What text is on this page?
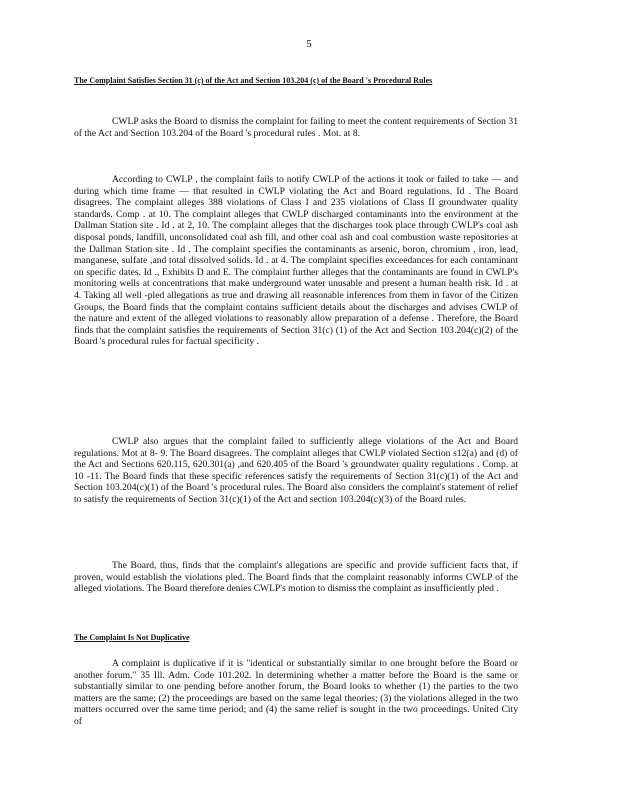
5
The Complaint Satisfies Section 31 (c) of the Act and Section 103.204 (c) of the Board 's Procedural Rules

CWLP asks the Board to dismiss the complaint for failing to meet the content requirements of Section 31 of the Act and Section 103.204 of the Board 's procedural rules . Mot. at 8.

According to CWLP , the complaint fails to notify CWLP of the actions it took or failed to take — and during which time frame — that resulted in CWLP violating the Act and Board regulations. Id . The Board disagrees. The complaint alleges 388 violations of Class I and 235 violations of Class II groundwater quality standards. Comp . at 10. The complaint alleges that CWLP discharged contaminants into the environment at the Dallman Station site . Id . at 2, 10. The complaint alleges that the discharges took place through CWLP's coal ash disposal ponds, landfill, unconsolidated coal ash fill, and other coal ash and coal combustion waste repositories at the Dallman Station site . Id . The complaint specifies the contaminants as arsenic, boron, chromium , iron, lead, manganese, sulfate ,and total dissolved solids. Id . at 4. The complaint specifies exceedances for each contaminant on specific dates. Id ., Exhibits D and E. The complaint further alleges that the contaminants are found in CWLP's monitoring wells at concentrations that make underground water unusable and present a human health risk. Id . at 4. Taking all well -pled allegations as true and drawing all reasonable inferences from them in favor of the Citizen Groups, the Board finds that the complaint contains sufficient details about the discharges and advises CWLP of the nature and extent of the alleged violations to reasonably allow preparation of a defense . Therefore, the Board finds that the complaint satisfies the requirements of Section 31(c) (1) of the Act and Section 103.204(c)(2) of the Board 's procedural rules for factual specificity .

CWLP also argues that the complaint failed to sufficiently allege violations of the Act and Board regulations. Mot at 8- 9. The Board disagrees. The complaint alleges that CWLP violated Section s12(a) and (d) of the Act and Sections 620.115, 620.301(a) ,and 620.405 of the Board 's groundwater quality regulations . Comp. at 10 -11. The Board finds that these specific references satisfy the requirements of Section 31(c)(1) of the Act and Section 103.204(c)(1) of the Board 's procedural rules. The Board also considers the complaint's statement of relief to satisfy the requirements of Section 31(c)(1) of the Act and section 103.204(c)(3) of the Board rules.

The Board, thus, finds that the complaint's allegations are specific and provide sufficient facts that, if proven, would establish the violations pled. The Board finds that the complaint reasonably informs CWLP of the alleged violations. The Board therefore denies CWLP's motion to dismiss the complaint as insufficiently pled .

The Complaint Is Not Duplicative

A complaint is duplicative if it is "identical or substantially similar to one brought before the Board or another forum." 35 Ill. Adm. Code 101.202. In determining whether a matter before the Board is the same or substantially similar to one pending before another forum, the Board looks to whether (1) the parties to the two matters are the same; (2) the proceedings are based on the same legal theories; (3) the violations alleged in the two matters occurred over the same time period; and (4) the same relief is sought in the two proceedings. United City of
